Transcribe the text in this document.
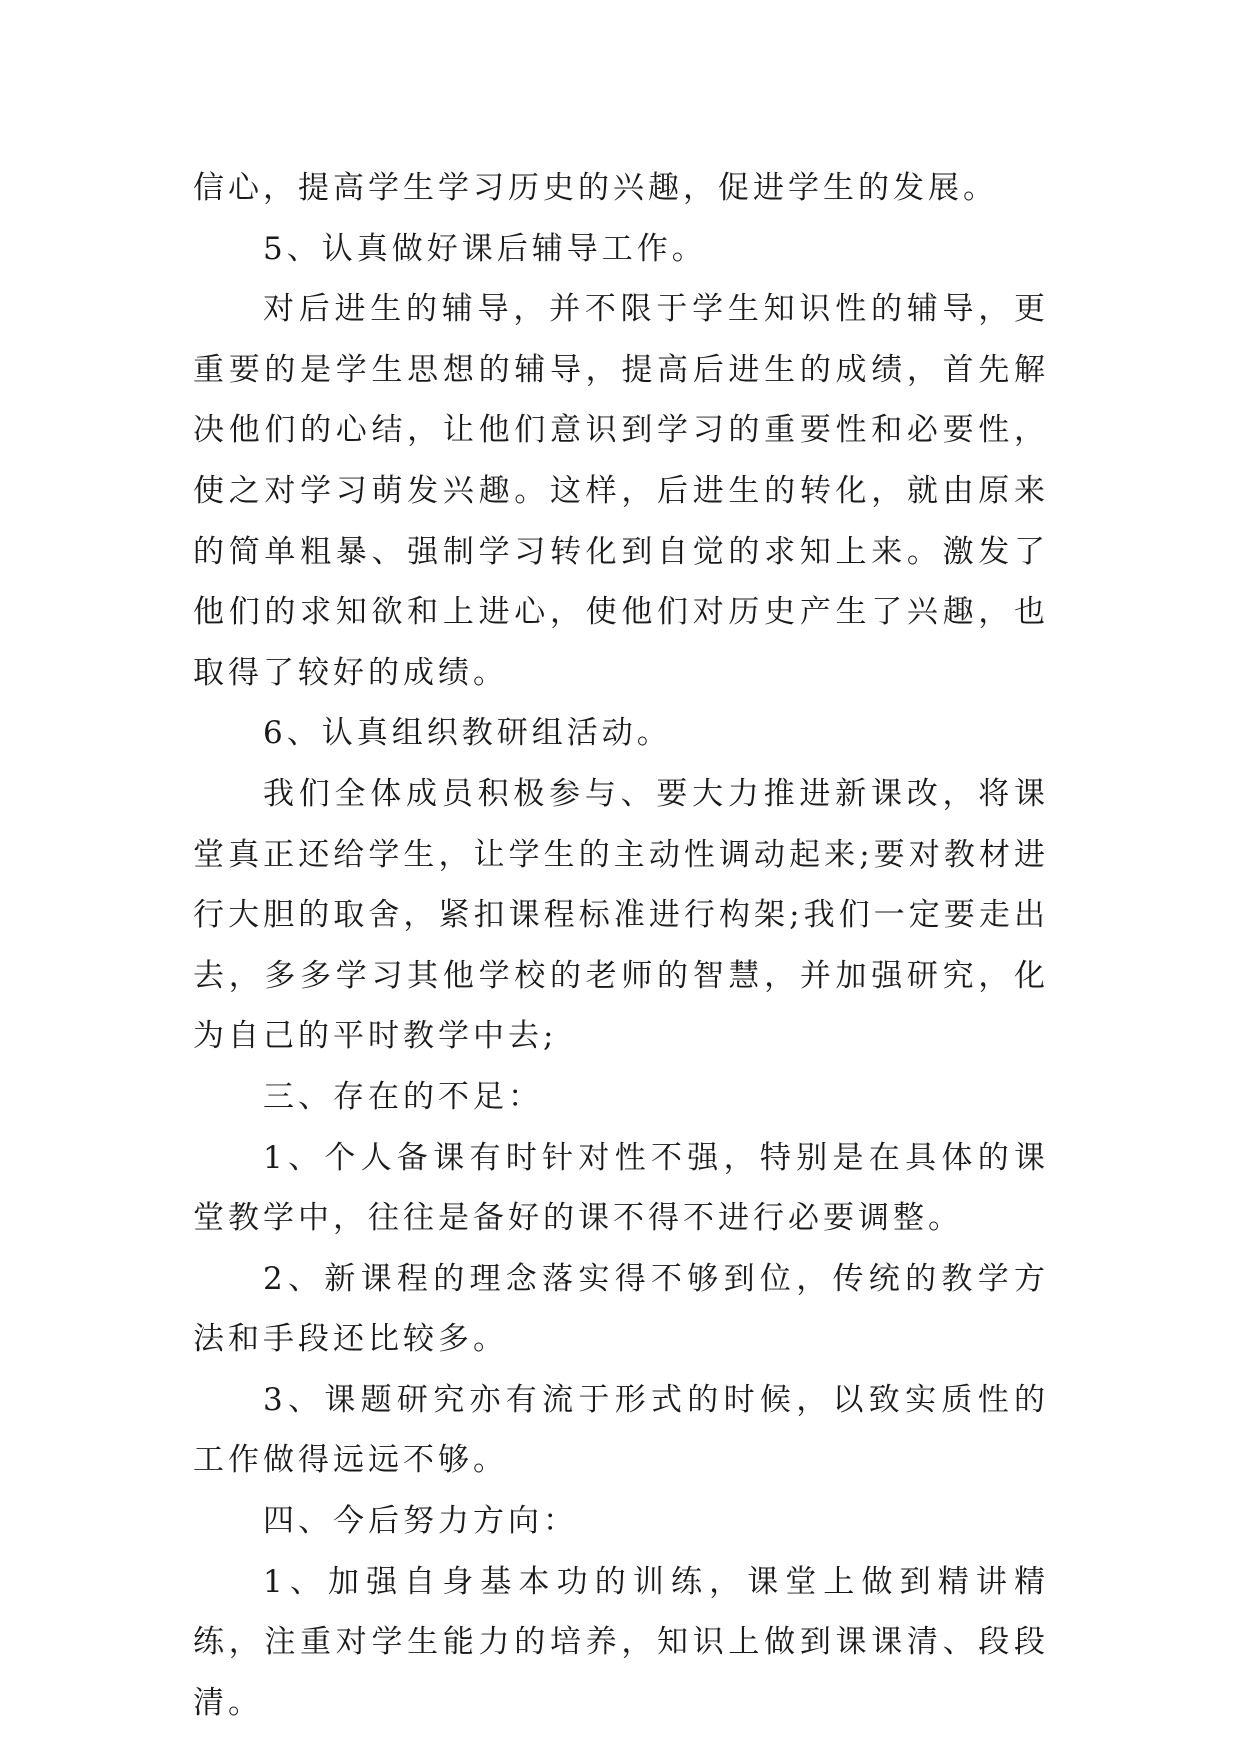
信心，提高学生学习历史的兴趣，促进学生的发展。

5、认真做好课后辅导工作。

对后进生的辅导，并不限于学生知识性的辅导，更重要的是学生思想的辅导，提高后进生的成绩，首先解决他们的心结，让他们意识到学习的重要性和必要性，使之对学习萌发兴趣。这样，后进生的转化，就由原来的简单粗暴、强制学习转化到自觉的求知上来。激发了他们的求知欲和上进心，使他们对历史产生了兴趣，也取得了较好的成绩。

6、认真组织教研组活动。

我们全体成员积极参与、要大力推进新课改，将课堂真正还给学生，让学生的主动性调动起来;要对教材进行大胆的取舍，紧扣课程标准进行构架;我们一定要走出去，多多学习其他学校的老师的智慧，并加强研究，化为自己的平时教学中去;

三、存在的不足：

1、个人备课有时针对性不强，特别是在具体的课堂教学中，往往是备好的课不得不进行必要调整。

2、新课程的理念落实得不够到位，传统的教学方法和手段还比较多。

3、课题研究亦有流于形式的时候，以致实质性的工作做得远远不够。

四、今后努力方向：

1、加强自身基本功的训练，课堂上做到精讲精练，注重对学生能力的培养，知识上做到课课清、段段清。
